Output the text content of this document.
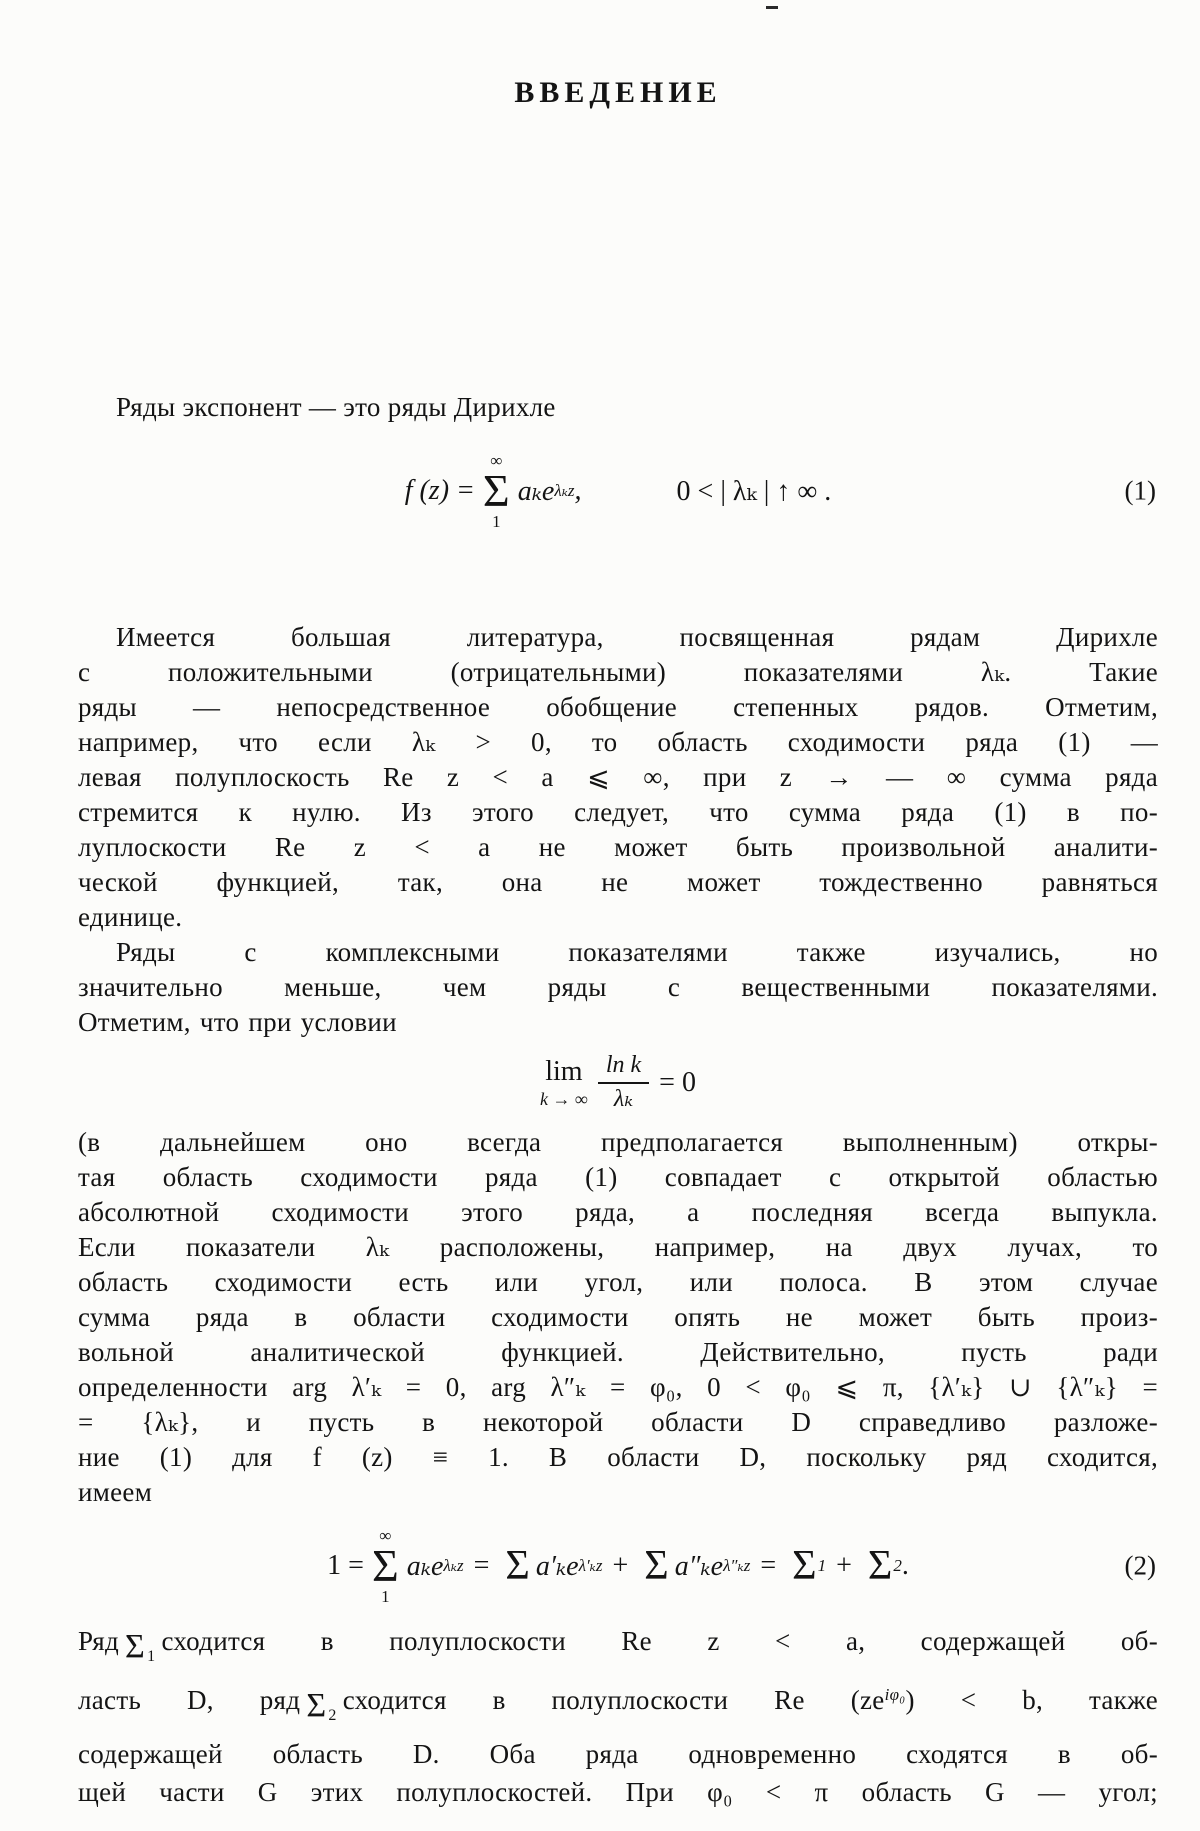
ВВЕДЕНИЕ
Ряды экспонент — это ряды Дирихле
f (z) =
∞
Σ
1
aₖe λₖz ,	0 < | λₖ | ↑ ∞ .	(1)
Имеется большая литература, посвященная рядам Дирихле
с положительными (отрицательными) показателями λₖ. Такие
ряды — непосредственное обобщение степенных рядов. Отметим,
например, что если λₖ > 0, то область сходимости ряда (1) —
левая полуплоскость Re z < a ⩽ ∞, при z → — ∞ сумма ряда
стремится к нулю. Из этого следует, что сумма ряда (1) в по-
луплоскости Re z < a не может быть произвольной аналити-
ческой функцией, так, она не может тождественно равняться
единице.
Ряды с комплексными показателями также изучались, но
значительно меньше, чем ряды с вещественными показателями.
Отметим, что при условии
lim
k → ∞ $\frac{\text{ln k}}{\text{λₖ}} = 0$
(в дальнейшем оно всегда предполагается выполненным) откры-
тая область сходимости ряда (1) совпадает с открытой областью
абсолютной сходимости этого ряда, а последняя всегда выпукла.
Если показатели λₖ расположены, например, на двух лучах, то
область сходимости есть или угол, или полоса. В этом случае
сумма ряда в области сходимости опять не может быть произ-
вольной аналитической функцией. Действительно, пусть ради
определенности arg λ′ₖ = 0, arg λ″ₖ = φ₀, 0 < φ₀ ⩽ π, {λ′ₖ} ∪ {λ″ₖ} =
= {λₖ}, и пусть в некоторой области D справедливо разложе-
ние (1) для f (z) ≡ 1. В области D, поскольку ряд сходится,
имеем
1 =
∞
Σ
1
aₖe λₖz = Σ a′ₖe λ′ₖz + Σ a″ₖe λ″ₖz = Σ 1 + Σ 2 .	(2)
Ряд Σ $_1$сходится в полуплоскости Re z < a, содержащей об-
ласть D, ряд Σ $_2$сходится в полуплоскости Re $(ze^{i\varphi_0}) < b$, также
содержащей область D. Оба ряда одновременно сходятся в об-
щей части G этих полуплоскостей. При φ₀ < π область G — угол;
